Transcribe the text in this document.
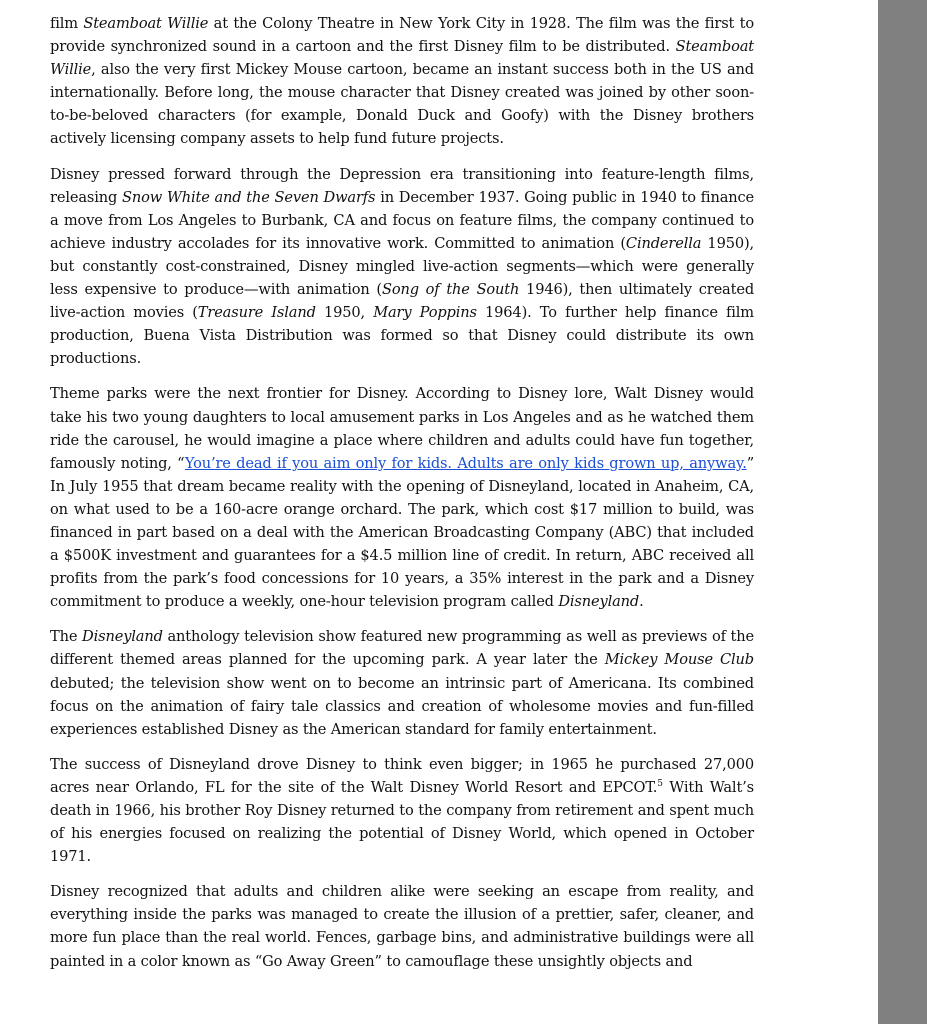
film Steamboat Willie at the Colony Theatre in New York City in 1928. The film was the first to provide synchronized sound in a cartoon and the first Disney film to be distributed. Steamboat Willie, also the very first Mickey Mouse cartoon, became an instant success both in the US and internationally. Before long, the mouse character that Disney created was joined by other soon-to-be-beloved characters (for example, Donald Duck and Goofy) with the Disney brothers actively licensing company assets to help fund future projects.

Disney pressed forward through the Depression era transitioning into feature-length films, releasing Snow White and the Seven Dwarfs in December 1937. Going public in 1940 to finance a move from Los Angeles to Burbank, CA and focus on feature films, the company continued to achieve industry accolades for its innovative work. Committed to animation (Cinderella 1950), but constantly cost-constrained, Disney mingled live-action segments—which were generally less expensive to produce—with animation (Song of the South 1946), then ultimately created live-action movies (Treasure Island 1950, Mary Poppins 1964). To further help finance film production, Buena Vista Distribution was formed so that Disney could distribute its own productions.

Theme parks were the next frontier for Disney. According to Disney lore, Walt Disney would take his two young daughters to local amusement parks in Los Angeles and as he watched them ride the carousel, he would imagine a place where children and adults could have fun together, famously noting, “You’re dead if you aim only for kids. Adults are only kids grown up, anyway.” In July 1955 that dream became reality with the opening of Disneyland, located in Anaheim, CA, on what used to be a 160-acre orange orchard. The park, which cost $17 million to build, was financed in part based on a deal with the American Broadcasting Company (ABC) that included a $500K investment and guarantees for a $4.5 million line of credit. In return, ABC received all profits from the park’s food concessions for 10 years, a 35% interest in the park and a Disney commitment to produce a weekly, one-hour television program called Disneyland.

The Disneyland anthology television show featured new programming as well as previews of the different themed areas planned for the upcoming park. A year later the Mickey Mouse Club debuted; the television show went on to become an intrinsic part of Americana. Its combined focus on the animation of fairy tale classics and creation of wholesome movies and fun-filled experiences established Disney as the American standard for family entertainment.

The success of Disneyland drove Disney to think even bigger; in 1965 he purchased 27,000 acres near Orlando, FL for the site of the Walt Disney World Resort and EPCOT.$^5$ With Walt’s death in 1966, his brother Roy Disney returned to the company from retirement and spent much of his energies focused on realizing the potential of Disney World, which opened in October 1971.

Disney recognized that adults and children alike were seeking an escape from reality, and everything inside the parks was managed to create the illusion of a prettier, safer, cleaner, and more fun place than the real world. Fences, garbage bins, and administrative buildings were all painted in a color known as “Go Away Green” to camouflage these unsightly objects and
